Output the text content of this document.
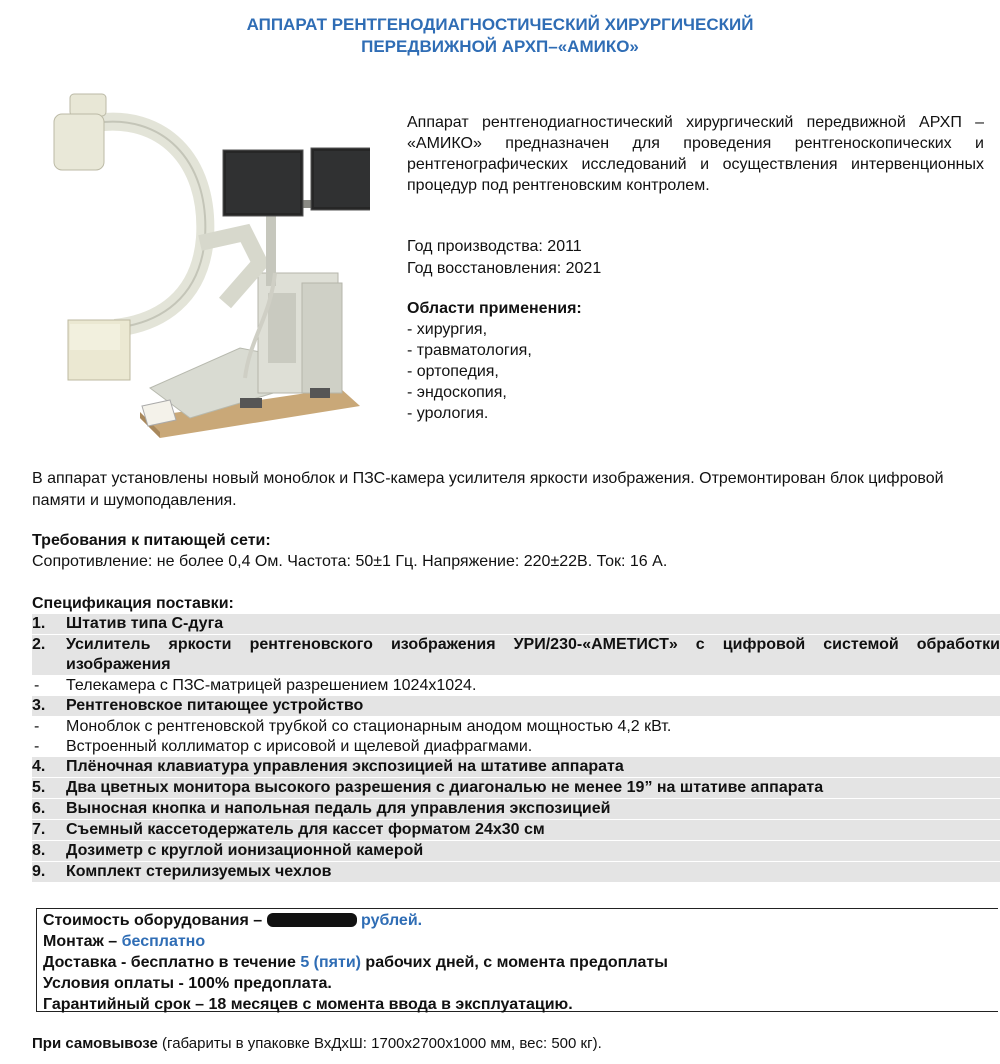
АППАРАТ РЕНТГЕНОДИАГНОСТИЧЕСКИЙ ХИРУРГИЧЕСКИЙ
ПЕРЕДВИЖНОЙ АРХП–«АМИКО»
Аппарат рентгенодиагностический хирургический передвижной АРХП – «АМИКО» предназначен для проведения рентгеноскопических и рентгенографических исследований и осуществления интервенционных процедур под рентгеновским контролем.
Год производства: 2011
Год восстановления: 2021
Области применения:
- хирургия,
- травматология,
- ортопедия,
- эндоскопия,
- урология.
В аппарат установлены новый моноблок и ПЗС-камера усилителя яркости изображения. Отремонтирован блок цифровой памяти и шумоподавления.
Требования к питающей сети:
Сопротивление: не более 0,4 Ом. Частота: 50±1 Гц. Напряжение: 220±22В. Ток: 16 А.
Спецификация поставки:
1. Штатив типа С-дуга
2. Усилитель яркости рентгеновского изображения УРИ/230-«АМЕТИСТ» с цифровой системой обработки изображения
- Телекамера с ПЗС-матрицей разрешением 1024х1024.
3. Рентгеновское питающее устройство
- Моноблок с рентгеновской трубкой со стационарным анодом мощностью 4,2 кВт.
- Встроенный коллиматор с ирисовой и щелевой диафрагмами.
4. Плёночная клавиатура управления экспозицией на штативе аппарата
5. Два цветных монитора высокого разрешения с диагональю не менее 19” на штативе аппарата
6. Выносная кнопка и напольная педаль для управления экспозицией
7. Съемный кассетодержатель для кассет форматом 24х30 см
8. Дозиметр с круглой ионизационной камерой
9. Комплект стерилизуемых чехлов
Стоимость оборудования –	рублей.
Монтаж – бесплатно
Доставка - бесплатно в течение 5 (пяти) рабочих дней, с момента предоплаты
Условия оплаты - 100% предоплата.
Гарантийный срок – 18 месяцев с момента ввода в эксплуатацию.
При самовывозе (габариты в упаковке ВхДхШ: 1700х2700х1000 мм, вес: 500 кг).
